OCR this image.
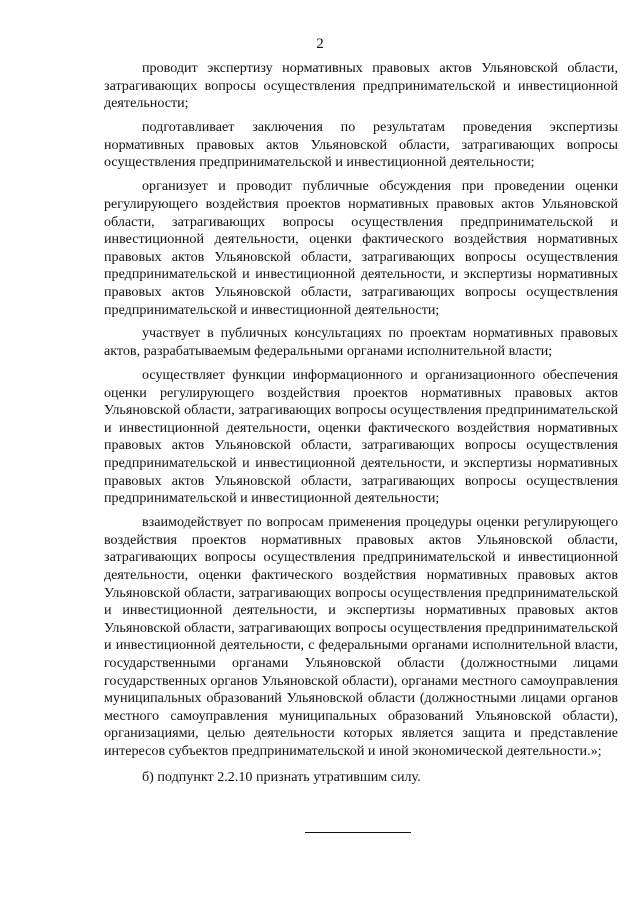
2

проводит экспертизу нормативных правовых актов Ульяновской области, затрагивающих вопросы осуществления предпринимательской и инвестиционной деятельности;

подготавливает заключения по результатам проведения экспертизы нормативных правовых актов Ульяновской области, затрагивающих вопросы осуществления предпринимательской и инвестиционной деятельности;

организует и проводит публичные обсуждения при проведении оценки регулирующего воздействия проектов нормативных правовых актов Ульяновской области, затрагивающих вопросы осуществления предпринимательской и инвестиционной деятельности, оценки фактического воздействия нормативных правовых актов Ульяновской области, затрагивающих вопросы осуществления предпринимательской и инвестиционной деятельности, и экспертизы нормативных правовых актов Ульяновской области, затрагивающих вопросы осуществления предпринимательской и инвестиционной деятельности;

участвует в публичных консультациях по проектам нормативных правовых актов, разрабатываемым федеральными органами исполнительной власти;

осуществляет функции информационного и организационного обеспечения оценки регулирующего воздействия проектов нормативных правовых актов Ульяновской области, затрагивающих вопросы осуществления предпринимательской и инвестиционной деятельности, оценки фактического воздействия нормативных правовых актов Ульяновской области, затрагивающих вопросы осуществления предпринимательской и инвестиционной деятельности, и экспертизы нормативных правовых актов Ульяновской области, затрагивающих вопросы осуществления предпринимательской и инвестиционной деятельности;

взаимодействует по вопросам применения процедуры оценки регулирующего воздействия проектов нормативных правовых актов Ульяновской области, затрагивающих вопросы осуществления предпринимательской и инвестиционной деятельности, оценки фактического воздействия нормативных правовых актов Ульяновской области, затрагивающих вопросы осуществления предпринимательской и инвестиционной деятельности, и экспертизы нормативных правовых актов Ульяновской области, затрагивающих вопросы осуществления предпринимательской и инвестиционной деятельности, с федеральными органами исполнительной власти, государственными органами Ульяновской области (должностными лицами государственных органов Ульяновской области), органами местного самоуправления муниципальных образований Ульяновской области (должностными лицами органов местного самоуправления муниципальных образований Ульяновской области), организациями, целью деятельности которых является защита и представление интересов субъектов предпринимательской и иной экономической деятельности.»;

б) подпункт 2.2.10 признать утратившим силу.
